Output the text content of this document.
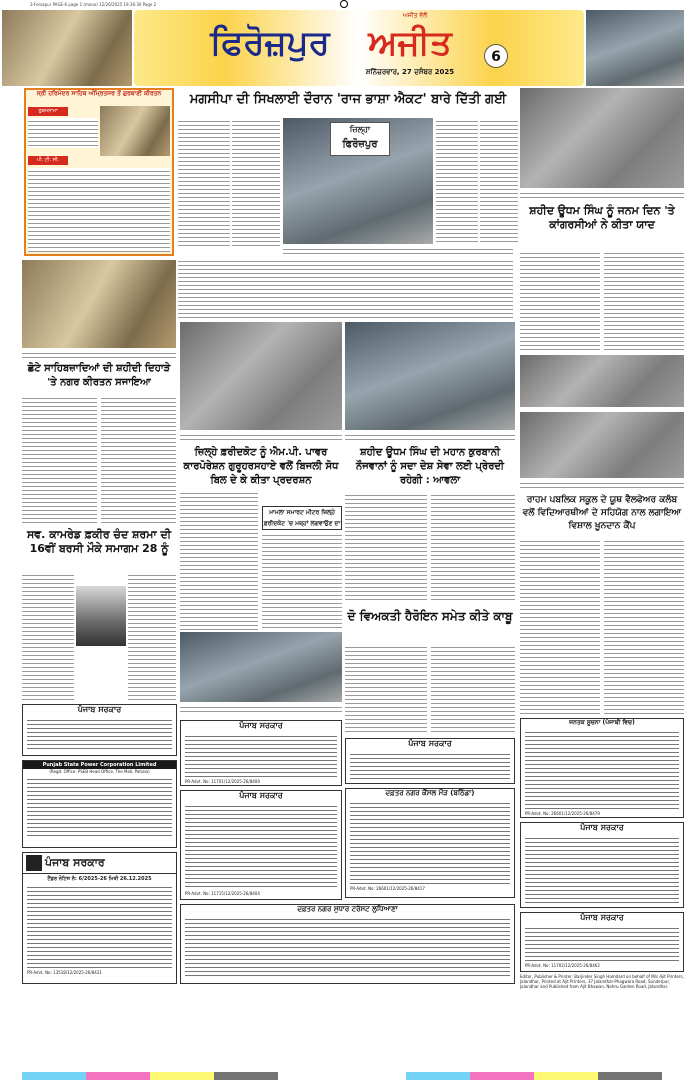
3-Ferozpur PAGE-6 page 1 (mono) 12/26/2025 19:36:30 Page 2
ਅਜੀਤ ਵੱਲੋਂ
ਫਿਰੋਜ਼ਪੁਰ	ਅਜੀਤ
ਸ਼ਨਿੱਚਰਵਾਰ, 27 ਦਸੰਬਰ 2025
6
ਸ੍ਰੀ ਹਰਿਮੰਦਰ ਸਾਹਿਬ ਅੰਮ੍ਰਿਤਸਰ ਤੋਂ ਗੁਰਬਾਣੀ ਕੀਰਤਨ
ਹੁਕਮਨਾਮਾ
ਪੀ. ਟੀ. ਸੀ.
ਮਗਸੀਪਾ ਦੀ ਸਿਖਲਾਈ ਦੌਰਾਨ 'ਰਾਜ ਭਾਸ਼ਾ ਐਕਟ' ਬਾਰੇ ਦਿੱਤੀ ਗਈ
ਜ਼ਿਲ੍ਹਾ
ਫਿਰੋਜ਼ਪੁਰ
ਸ਼ਹੀਦ ਊਧਮ ਸਿੰਘ ਨੂੰ ਜਨਮ ਦਿਨ 'ਤੇ ਕਾਂਗਰਸੀਆਂ ਨੇ ਕੀਤਾ ਯਾਦ
ਛੋਟੇ ਸਾਹਿਬਜ਼ਾਦਿਆਂ ਦੀ ਸ਼ਹੀਦੀ ਦਿਹਾੜੇ 'ਤੇ ਨਗਰ ਕੀਰਤਨ ਸਜਾਇਆ
ਸਵ. ਕਾਮਰੇਡ ਫ਼ਕੀਰ ਚੰਦ ਸ਼ਰਮਾ ਦੀ 16ਵੀਂ ਬਰਸੀ ਮੌਕੇ ਸਮਾਗਮ 28 ਨੂੰ
ਪੰਜਾਬ ਸਰਕਾਰ
Punjab State Power Corporation Limited
(Regd. Office: PSEB Head Office, The Mall, Patiala)
ਪੰਜਾਬ ਸਰਕਾਰ
ਟੈਂਡਰ ਨੋਟਿਸ ਨੰ: 6/2025-26 ਮਿਤੀ 26.12.2025
PR-Advt. No: 13518/12/2025-26/8431
ਜ਼ਿਲ੍ਹੇ ਫ਼ਰੀਦਕੋਟ ਨੂੰ ਐਮ.ਪੀ. ਪਾਵਰ ਕਾਰਪੋਰੇਸ਼ਨ ਗੁਰੂਹਰਸਹਾਏ ਵਲੋਂ ਬਿਜਲੀ ਸੋਧ ਬਿਲ ਦੇ ਕੇ ਕੀਤਾ ਪ੍ਰਦਰਸ਼ਨ
ਮਾਮਲਾ ਸਮਾਰਟ ਮੀਟਰ ਜ਼ਿਲ੍ਹੇ
ਫ਼ਰੀਦਕੋਟ 'ਚ ਮਜ਼੍ਹਾਂ ਲਗਵਾਉਣ ਦਾ
ਸ਼ਹੀਦ ਊਧਮ ਸਿੰਘ ਦੀ ਮਹਾਨ ਕੁਰਬਾਨੀ ਨੌਜਵਾਨਾਂ ਨੂੰ ਸਦਾ ਦੇਸ਼ ਸੇਵਾ ਲਈ ਪ੍ਰੇਰਦੀ ਰਹੇਗੀ : ਆਵਲਾ
ਦੋ ਵਿਅਕਤੀ ਹੈਰੋਇਨ ਸਮੇਤ ਕੀਤੇ ਕਾਬੂ
ਰਾਹਮ ਪਬਲਿਕ ਸਕੂਲ ਦੇ ਯੂਥ ਵੈਲਫੇਅਰ ਕਲੱਬ ਵਲੋਂ ਵਿਦਿਆਰਥੀਆਂ ਦੇ ਸਹਿਯੋਗ ਨਾਲ ਲਗਾਇਆ ਵਿਸ਼ਾਲ ਖ਼ੂਨਦਾਨ ਕੈਂਪ
ਪੰਜਾਬ ਸਰਕਾਰ
PR-Advt. No: 11701/12/2025-26/8409
ਪੰਜਾਬ ਸਰਕਾਰ
ਦਫ਼ਤਰ ਨਗਰ ਕੌਂਸਲ ਮੌੜ (ਬਠਿੰਡਾ)
PR-Advt. No: 26601/12/2025-26/8417
ਪੰਜਾਬ ਸਰਕਾਰ
PR-Advt. No: 11715/12/2025-26/8404
ਦਫ਼ਤਰ ਨਗਰ ਸੁਧਾਰ ਟਰੱਸਟ ਲੁਧਿਆਣਾ
ਜਨਤਕ ਸੂਚਨਾ (ਪੰਜਾਬੀ ਵਿਚ)
PR-Advt. No: 26601/12/2025-26/8479
ਪੰਜਾਬ ਸਰਕਾਰ
ਪੰਜਾਬ ਸਰਕਾਰ
PR-Advt. No: 11702/12/2025-26/8462
Editor, Publisher & Printer: Barjinder Singh Hamdard on behalf of M/s Ajit Printers, Jalandhar, Printed at Ajit Printers, 37 Jalandhar-Phagwara Road, Sunderpur, Jalandhar and Published from Ajit Bhawan, Nehru Garden Road, Jalandhar.
